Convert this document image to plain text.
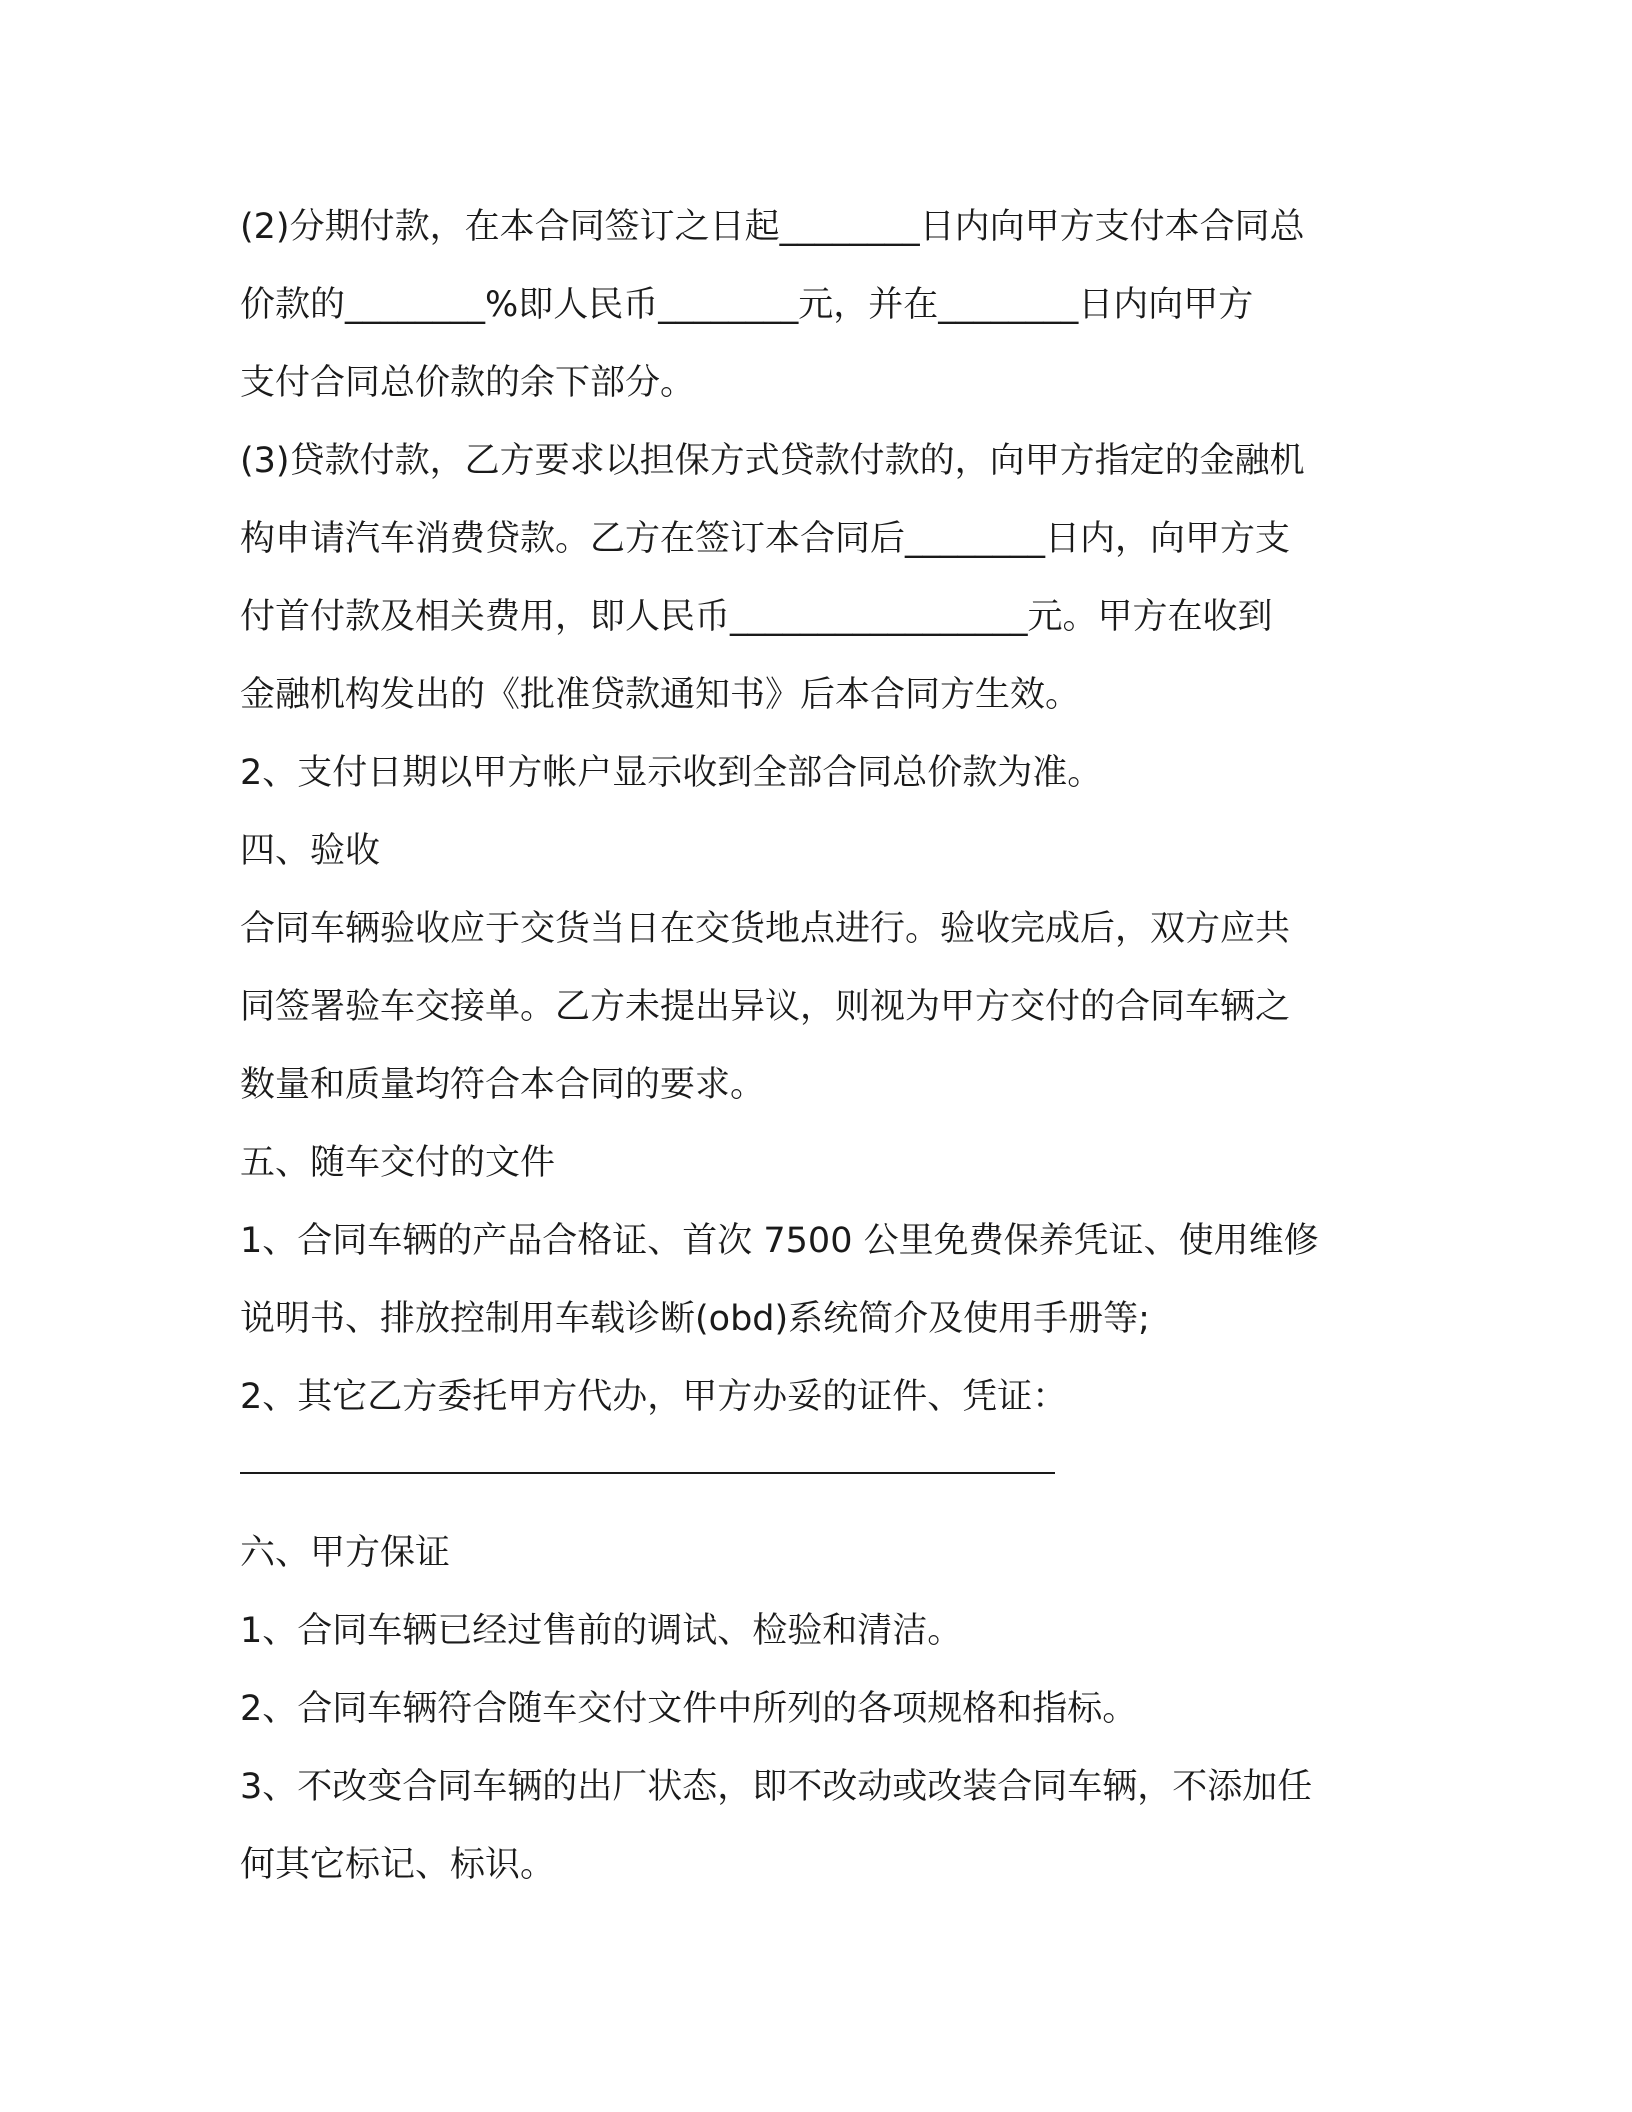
(2)分期付款，在本合同签订之日起________日内向甲方支付本合同总

价款的________%即人民币________元，并在________日内向甲方

支付合同总价款的余下部分。

(3)贷款付款，乙方要求以担保方式贷款付款的，向甲方指定的金融机

构申请汽车消费贷款。乙方在签订本合同后________日内，向甲方支

付首付款及相关费用，即人民币_________________元。甲方在收到

金融机构发出的《批准贷款通知书》后本合同方生效。

2、支付日期以甲方帐户显示收到全部合同总价款为准。

四、验收

合同车辆验收应于交货当日在交货地点进行。验收完成后，双方应共

同签署验车交接单。乙方未提出异议，则视为甲方交付的合同车辆之

数量和质量均符合本合同的要求。

五、随车交付的文件

1、合同车辆的产品合格证、首次 7500 公里免费保养凭证、使用维修

说明书、排放控制用车载诊断(obd)系统简介及使用手册等;

2、其它乙方委托甲方代办，甲方办妥的证件、凭证：

六、甲方保证

1、合同车辆已经过售前的调试、检验和清洁。

2、合同车辆符合随车交付文件中所列的各项规格和指标。

3、不改变合同车辆的出厂状态，即不改动或改装合同车辆，不添加任

何其它标记、标识。
